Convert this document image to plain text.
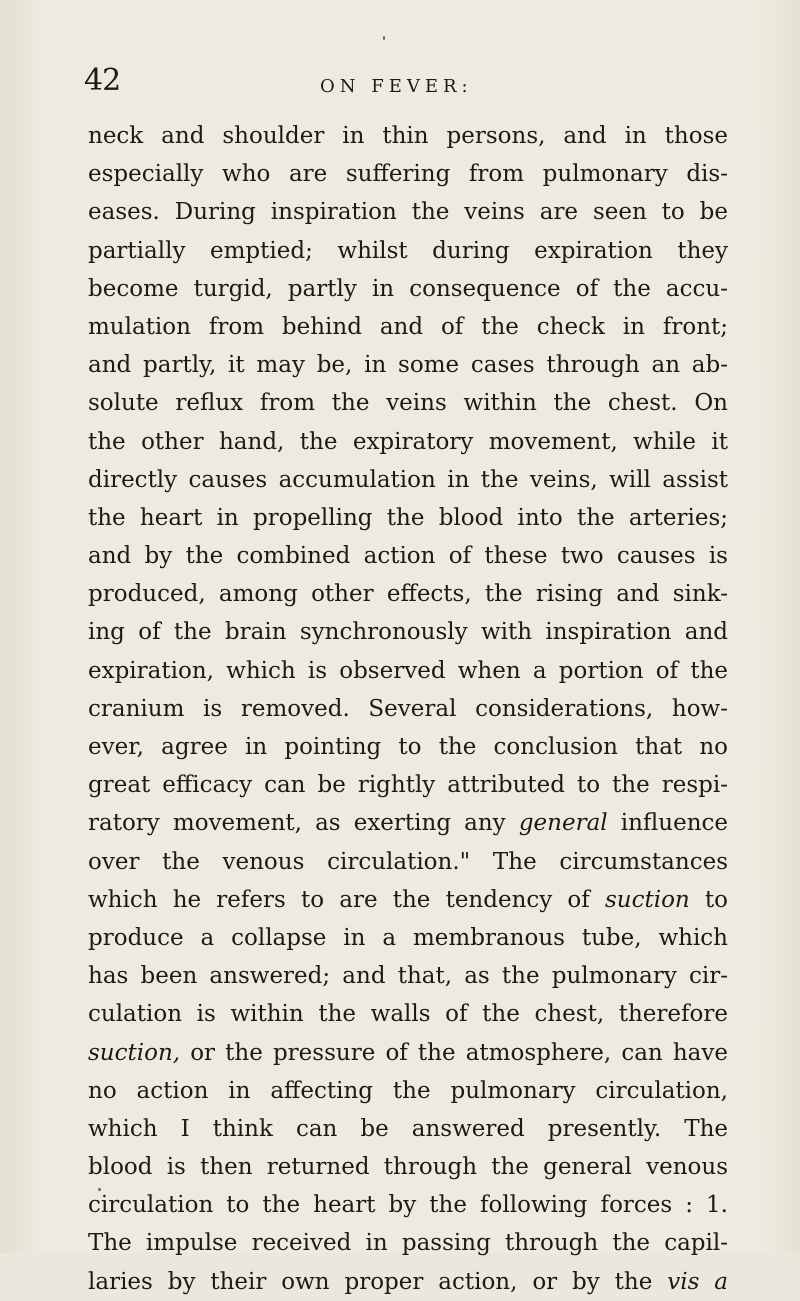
42	ON FEVER:
neck and shoulder in thin persons, and in those
especially who are suffering from pulmonary dis-
eases. During inspiration the veins are seen to be
partially emptied; whilst during expiration they
become turgid, partly in consequence of the accu-
mulation from behind and of the check in front;
and partly, it may be, in some cases through an ab-
solute reflux from the veins within the chest. On
the other hand, the expiratory movement, while it
directly causes accumulation in the veins, will assist
the heart in propelling the blood into the arteries;
and by the combined action of these two causes is
produced, among other effects, the rising and sink-
ing of the brain synchronously with inspiration and
expiration, which is observed when a portion of the
cranium is removed. Several considerations, how-
ever, agree in pointing to the conclusion that no
great efficacy can be rightly attributed to the respi-
ratory movement, as exerting any general influence
over the venous circulation." The circumstances
which he refers to are the tendency of suction to
produce a collapse in a membranous tube, which
has been answered; and that, as the pulmonary cir-
culation is within the walls of the chest, therefore
suction, or the pressure of the atmosphere, can have
no action in affecting the pulmonary circulation,
which I think can be answered presently. The
blood is then returned through the general venous
circulation to the heart by the following forces : 1.
The impulse received in passing through the capil-
laries by their own proper action, or by the vis a
